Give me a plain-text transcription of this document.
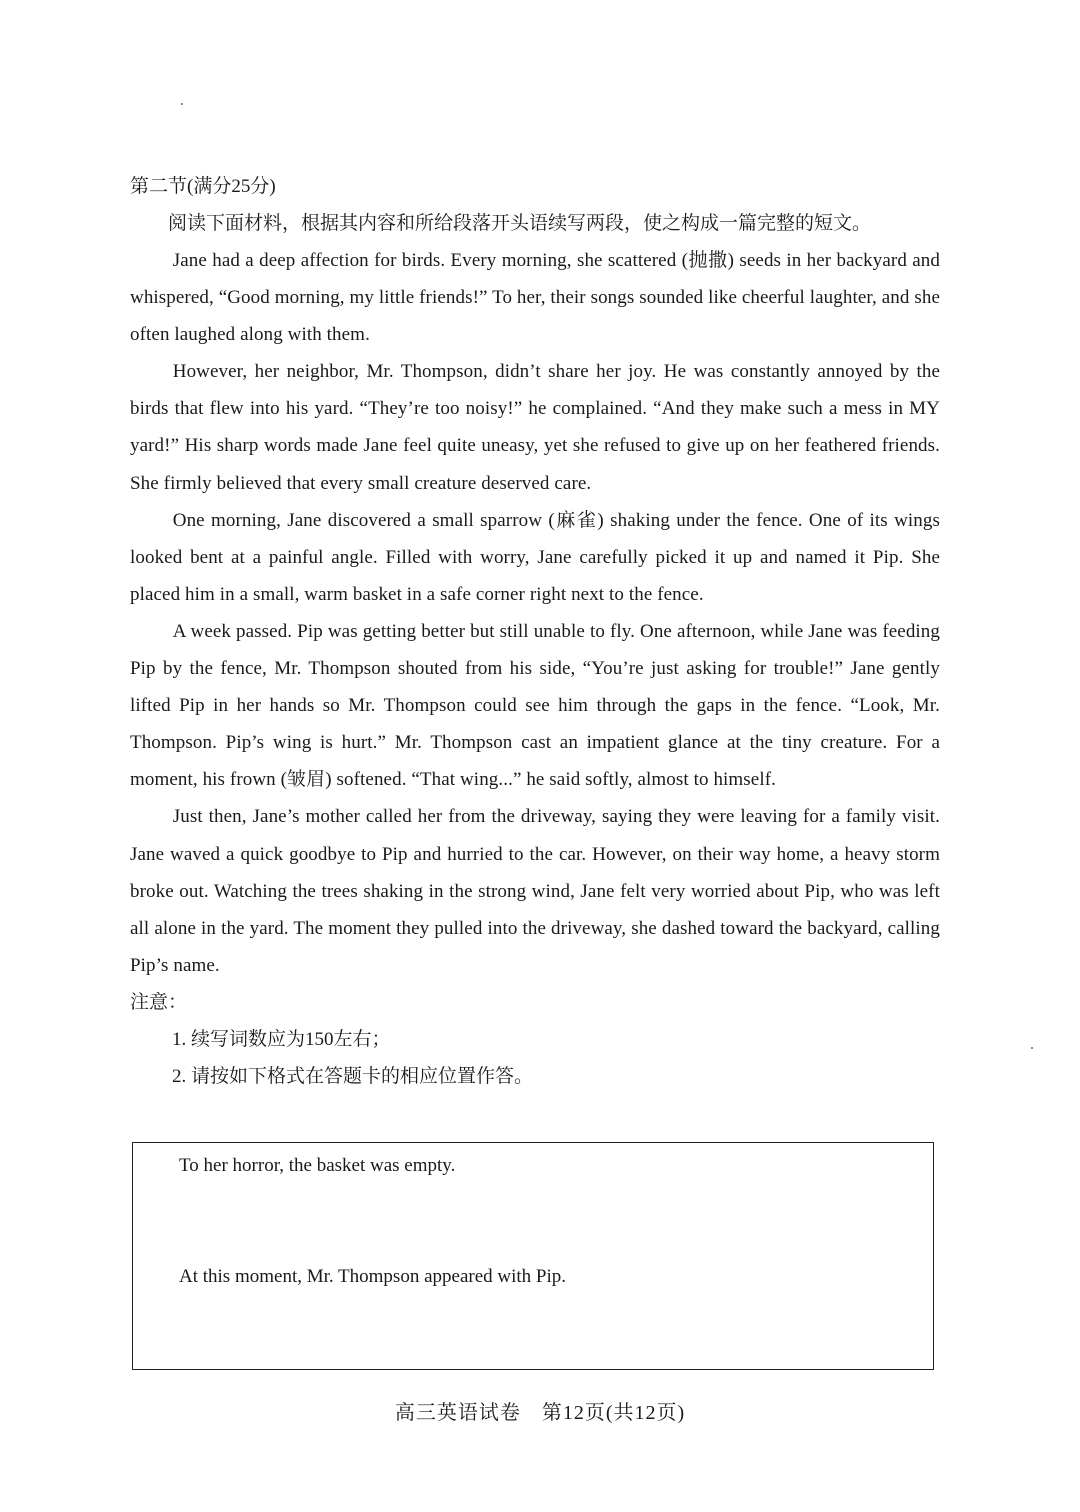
第二节(满分25分)

阅读下面材料，根据其内容和所给段落开头语续写两段，使之构成一篇完整的短文。

Jane had a deep affection for birds. Every morning, she scattered (抛撒) seeds in her backyard and whispered, “Good morning, my little friends!” To her, their songs sounded like cheerful laughter, and she often laughed along with them.

However, her neighbor, Mr. Thompson, didn’t share her joy. He was constantly annoyed by the birds that flew into his yard. “They’re too noisy!” he complained. “And they make such a mess in MY yard!” His sharp words made Jane feel quite uneasy, yet she refused to give up on her feathered friends. She firmly believed that every small creature deserved care.

One morning, Jane discovered a small sparrow (麻雀) shaking under the fence. One of its wings looked bent at a painful angle. Filled with worry, Jane carefully picked it up and named it Pip. She placed him in a small, warm basket in a safe corner right next to the fence.

A week passed. Pip was getting better but still unable to fly. One afternoon, while Jane was feeding Pip by the fence, Mr. Thompson shouted from his side, “You’re just asking for trouble!” Jane gently lifted Pip in her hands so Mr. Thompson could see him through the gaps in the fence. “Look, Mr. Thompson. Pip’s wing is hurt.” Mr. Thompson cast an impatient glance at the tiny creature. For a moment, his frown (皱眉) softened. “That wing...” he said softly, almost to himself.

Just then, Jane’s mother called her from the driveway, saying they were leaving for a family visit. Jane waved a quick goodbye to Pip and hurried to the car. However, on their way home, a heavy storm broke out. Watching the trees shaking in the strong wind, Jane felt very worried about Pip, who was left all alone in the yard. The moment they pulled into the driveway, she dashed toward the backyard, calling Pip’s name.

注意：

1. 续写词数应为150左右；

2. 请按如下格式在答题卡的相应位置作答。

To her horror, the basket was empty.

At this moment, Mr. Thompson appeared with Pip.

高三英语试卷　第12页(共12页)
